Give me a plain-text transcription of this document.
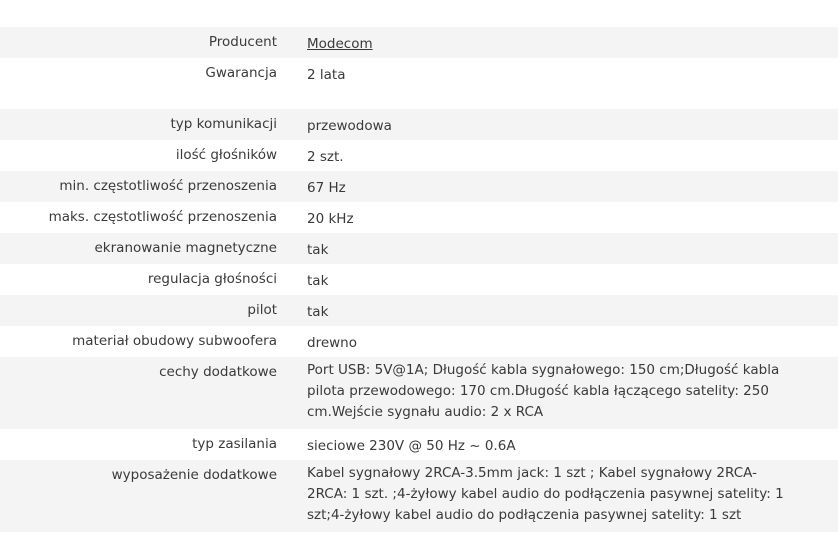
Producent Modecom
Gwarancja 2 lata
typ komunikacji przewodowa
ilość głośników 2 szt.
min. częstotliwość przenoszenia 67 Hz
maks. częstotliwość przenoszenia 20 kHz
ekranowanie magnetyczne tak
regulacja głośności tak
pilot tak
materiał obudowy subwoofera drewno
cechy dodatkowe Port USB: 5V@1A; Długość kabla sygnałowego: 150 cm;Długość kabla pilota przewodowego: 170 cm.Długość kabla łączącego satelity: 250 cm.Wejście sygnału audio: 2 x RCA
typ zasilania sieciowe 230V @ 50 Hz ~ 0.6A
wyposażenie dodatkowe Kabel sygnałowy 2RCA-3.5mm jack: 1 szt ; Kabel sygnałowy 2RCA-2RCA: 1 szt. ;4-żyłowy kabel audio do podłączenia pasywnej satelity: 1 szt;4-żyłowy kabel audio do podłączenia pasywnej satelity: 1 szt
